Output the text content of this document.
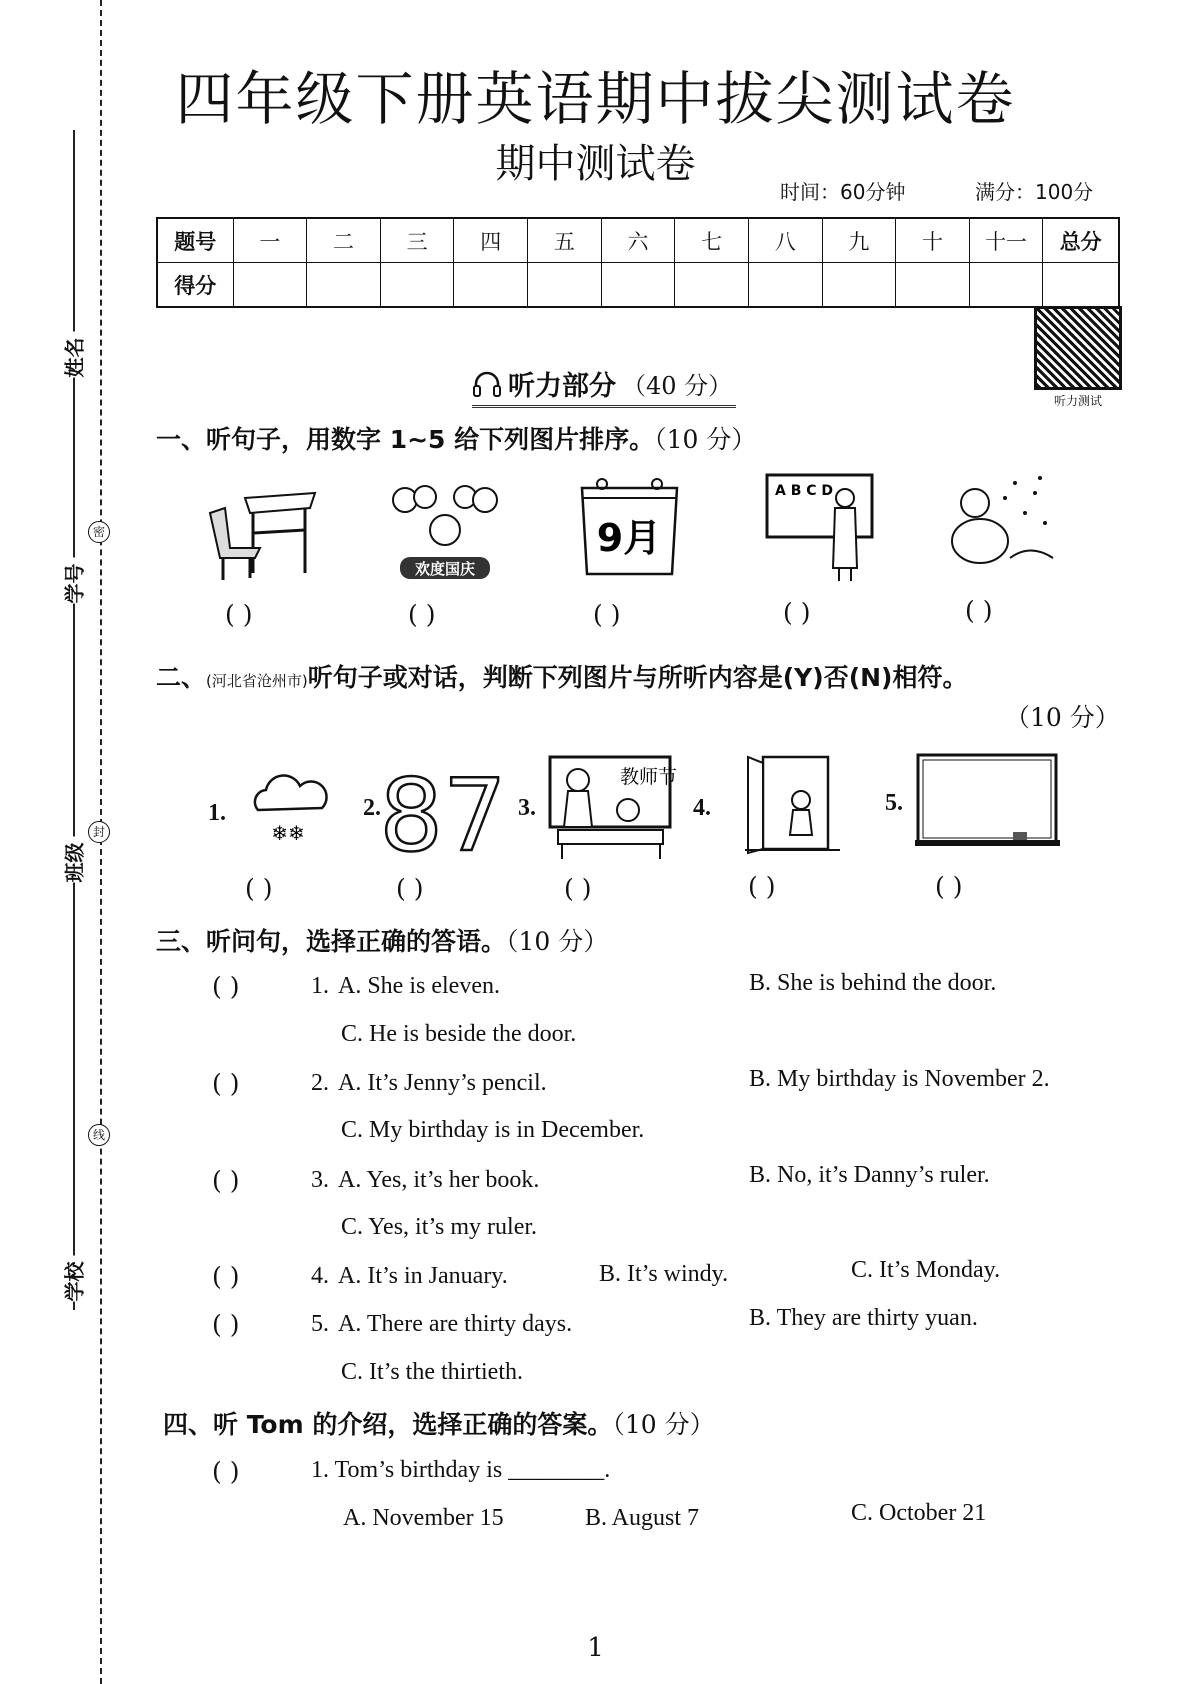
姓名
学号
班级
学校
密
封
线
四年级下册英语期中拔尖测试卷
期中测试卷
时间：60分钟	满分：100分
题号	一	二	三	四	五	六	七	八	九	十	十一	总分
得分												
听力测试
听力部分 （40 分）
一、听句子，用数字 1~5 给下列图片排序。（10 分）
欢度国庆
9月
A B C D
( )	( )	( )	( )	( )
二、(河北省沧州市)听句子或对话，判断下列图片与所听内容是(Y)否(N)相符。
（10 分）
1.
❄❄
2.
87 3.
教师节
4.	5.
( )	( )	( )	( )	( )
三、听问句，选择正确的答语。（10 分）
( )	1. A. She is eleven.	B. She is behind the door.
C. He is beside the door.
( )	2. A. It’s Jenny’s pencil.	B. My birthday is November 2.
C. My birthday is in December.
( )	3. A. Yes, it’s her book.	B. No, it’s Danny’s ruler.
C. Yes, it’s my ruler.
( )	4. A. It’s in January.	B. It’s windy.	C. It’s Monday.
( )	5. A. There are thirty days.	B. They are thirty yuan.
C. It’s the thirtieth.
四、听 Tom 的介绍，选择正确的答案。（10 分）
( )	1. Tom’s birthday is ________.
A. November 15	B. August 7	C. October 21
1
